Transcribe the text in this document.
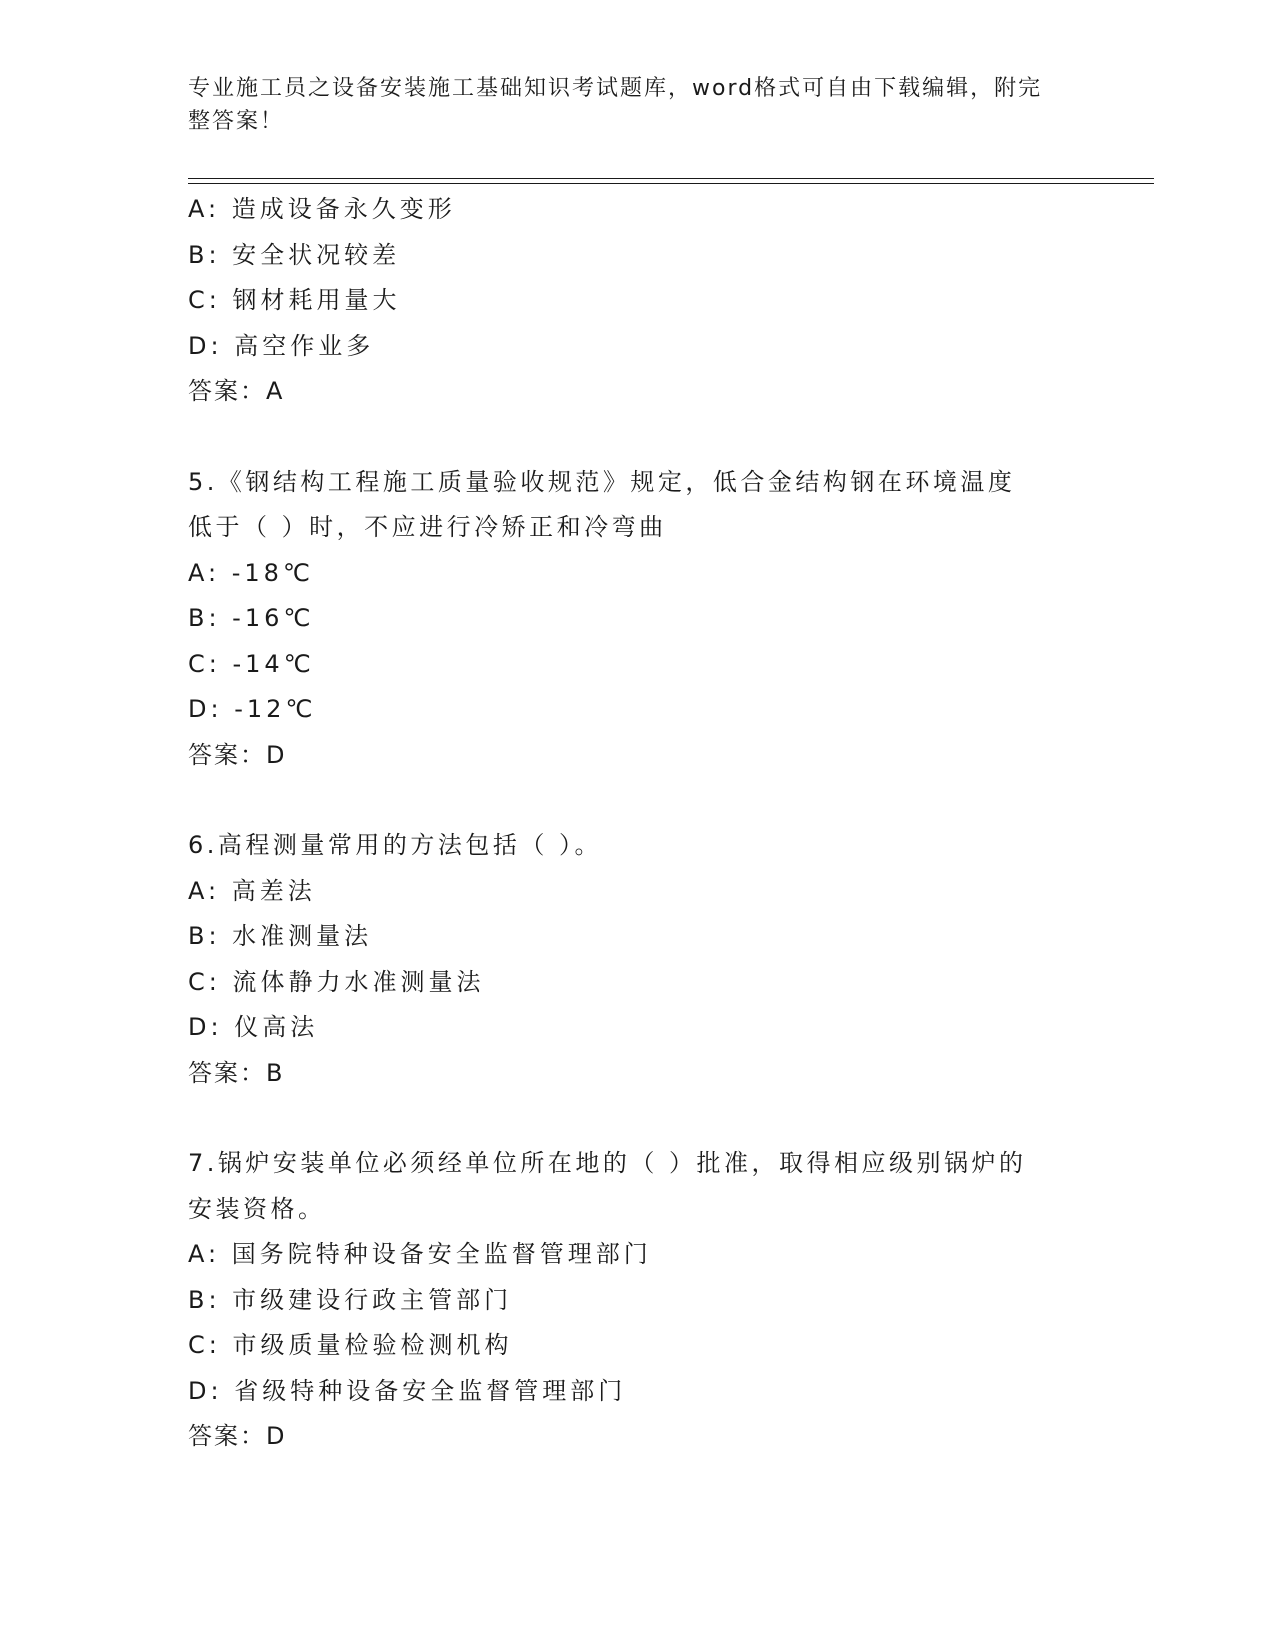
专业施工员之设备安装施工基础知识考试题库，word格式可自由下载编辑，附完
整答案！
A: 造成设备永久变形
B: 安全状况较差
C: 钢材耗用量大
D: 高空作业多
答案：A
5.《钢结构工程施工质量验收规范》规定，低合金结构钢在环境温度
低于（ ）时，不应进行冷矫正和冷弯曲
A: -18℃
B: -16℃
C: -14℃
D: -12℃
答案：D
6.高程测量常用的方法包括（ ）。
A: 高差法
B: 水准测量法
C: 流体静力水准测量法
D: 仪高法
答案：B
7.锅炉安装单位必须经单位所在地的（ ）批准，取得相应级别锅炉的
安装资格。
A: 国务院特种设备安全监督管理部门
B: 市级建设行政主管部门
C: 市级质量检验检测机构
D: 省级特种设备安全监督管理部门
答案：D
